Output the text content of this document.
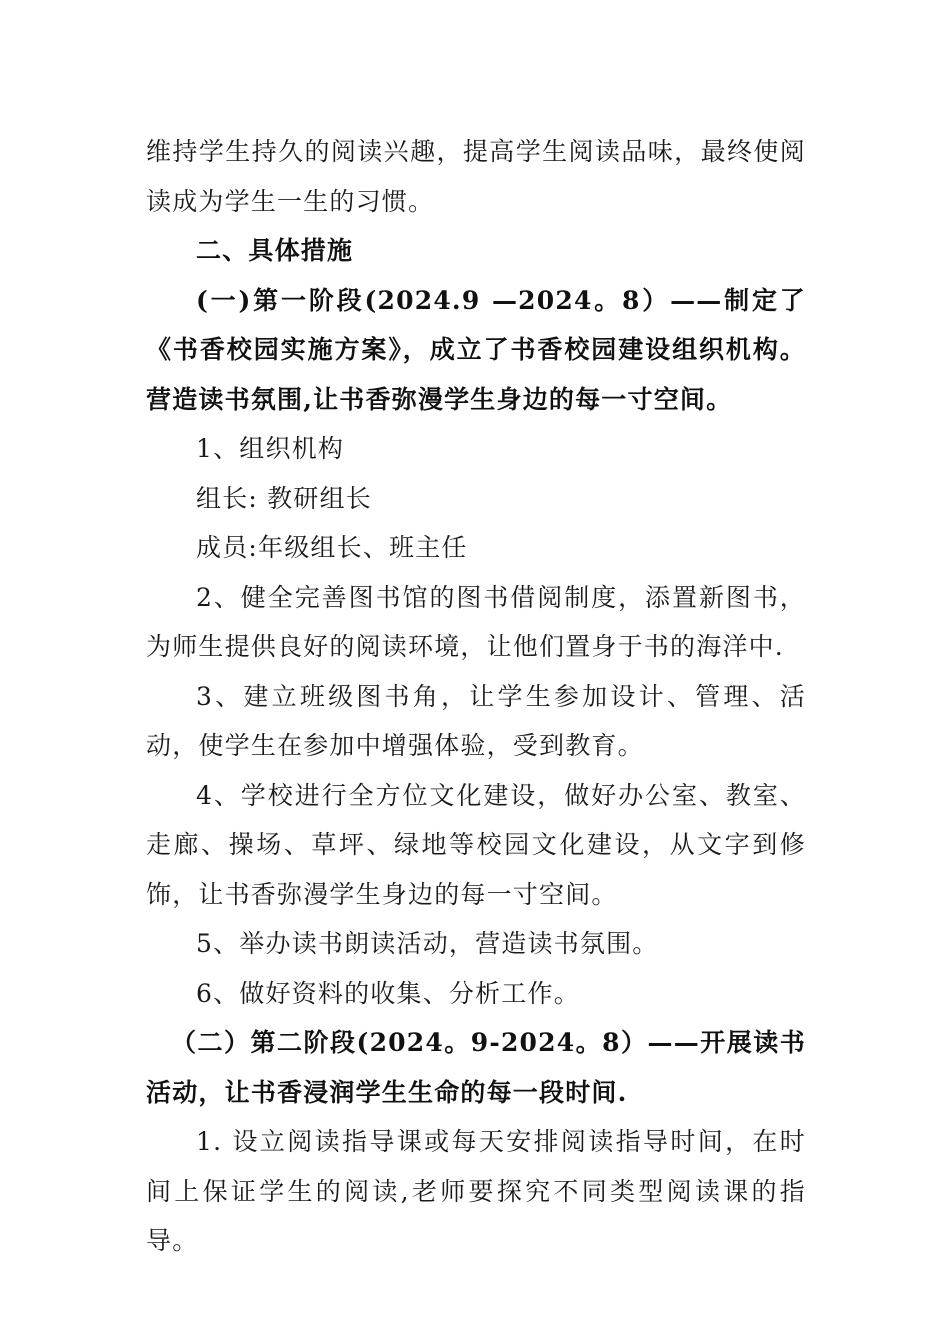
维持学生持久的阅读兴趣，提高学生阅读品味，最终使阅读成为学生一生的习惯。

二、具体措施

(一)第一阶段(2024.9 —2024。8）——制定了《书香校园实施方案》，成立了书香校园建设组织机构。营造读书氛围,让书香弥漫学生身边的每一寸空间。

1、组织机构

组长: 教研组长

成员:年级组长、班主任

2、健全完善图书馆的图书借阅制度，添置新图书，为师生提供良好的阅读环境，让他们置身于书的海洋中.

3、建立班级图书角，让学生参加设计、管理、活动，使学生在参加中增强体验，受到教育。

4、学校进行全方位文化建设，做好办公室、教室、走廊、操场、草坪、绿地等校园文化建设，从文字到修饰，让书香弥漫学生身边的每一寸空间。

5、举办读书朗读活动，营造读书氛围。

6、做好资料的收集、分析工作。

（二）第二阶段(2024。9-2024。8）——开展读书活动，让书香浸润学生生命的每一段时间.

1. 设立阅读指导课或每天安排阅读指导时间，在时间上保证学生的阅读,老师要探究不同类型阅读课的指导。
